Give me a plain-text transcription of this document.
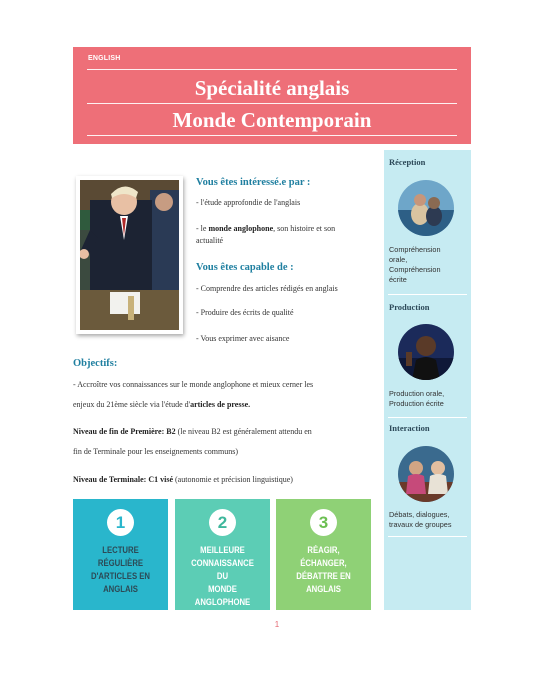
ENGLISH
Spécialité anglais
Monde Contemporain
Vous êtes intéressé.e par :
- l'étude approfondie de l'anglais
- le monde anglophone, son histoire et son
actualité
Vous êtes capable de :
- Comprendre des articles rédigés en anglais
- Produire des écrits de qualité
- Vous exprimer avec aisance
Objectifs:
- Accroître vos connaissances sur le monde anglophone et mieux cerner les
enjeux du 21ème siècle via l'étude d'articles de presse.
Niveau de fin de Première: B2 (le niveau B2 est généralement attendu en
fin de Terminale pour les enseignements communs)
Niveau de Terminale: C1 visé (autonomie et précision linguistique)
1
LECTURE RÉGULIÈRE
D'ARTICLES EN
ANGLAIS
2
MEILLEURE
CONNAISSANCE DU
MONDE
ANGLOPHONE
3
RÉAGIR, ÉCHANGER,
DÉBATTRE EN
ANGLAIS
Réception
Compréhension
orale,
Compréhension
écrite
Production
Production orale,
Production écrite
Interaction
Débats, dialogues,
travaux de groupes
1
